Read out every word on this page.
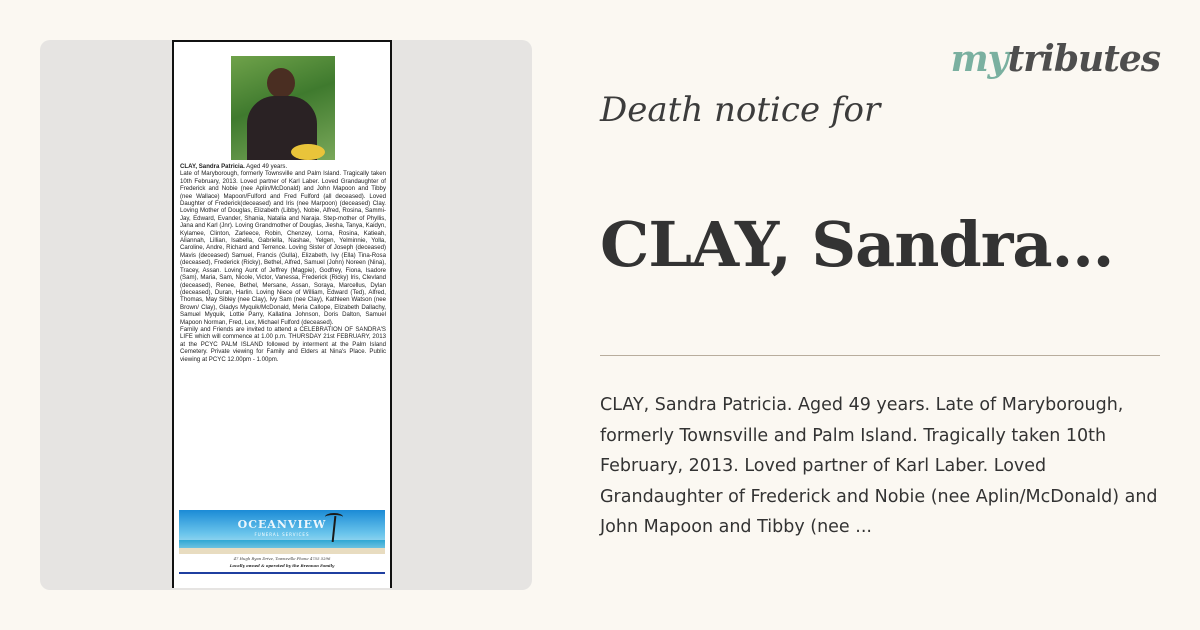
CLAY, Sandra Patricia. Aged 49 years.
Late of Maryborough, formerly Townsville and Palm Island. Tragically taken 10th February, 2013. Loved partner of Karl Laber. Loved Grandaughter of Frederick and Nobie (nee Aplin/McDonald) and John Mapoon and Tibby (nee Wallace) Mapoon/Fulford and Fred Fulford (all deceased). Loved Daughter of Frederick(deceased) and Iris (nee Marpoon) (deceased) Clay. Loving Mother of Douglas, Elizabeth (Libby), Nobie, Alfred, Rosina, Sammi- Jay, Edward, Evander, Shania, Natalia and Naraja. Step-mother of Phyllis, Jana and Karl (Jnr). Loving Grandmother of Douglas, Jiesha, Tanya, Kaidyn, Kylamee, Clinton, Zarleece, Robin, Chenzey, Lorna, Rosina, Katieah, Aliannah, Lillian, Isabella, Gabriella, Nashae, Yelgen, Yelminnie, Yolla, Caroline, Andre, Richard and Terrence. Loving Sister of Joseph (deceased) Mavis (deceased) Samuel, Francis (Gulla), Elizabeth, Ivy (Ella) Tina-Rosa (deceased), Frederick (Ricky), Bethel, Alfred, Samuel (John) Noreen (Nina), Tracey, Assan. Loving Aunt of Jeffrey (Magpie), Godfrey, Fiona, Isadore (Sam), Maria, Sam, Nicole, Victor, Vanessa, Frederick (Ricky) Iris, Clevland (deceased), Renee, Bethel, Mersane, Assan, Soraya, Marcellus, Dylan (deceased), Duran, Harlin. Loving Niece of William, Edward (Ted), Alfred, Thomas, May Sibley (nee Clay), Ivy Sam (nee Clay), Kathleen Watson (nee Brown/ Clay), Gladys Myquik/McDonald, Meria Callope, Elizabeth Dallachy, Samuel Myquik, Lottie Parry, Kallatina Johnson, Doris Dalton, Samuel Mapoon Norman, Fred, Lex, Michael Fulford (deceased).
Family and Friends are invited to attend a CELEBRATION OF SANDRA'S LIFE which will commence at 1.00 p.m. THURSDAY 21st FEBRUARY, 2013 at the PCYC PALM ISLAND followed by interment at the Palm Island Cemetery. Private viewing for Family and Elders at Nina's Place. Public viewing at PCYC 12.00pm - 1.00pm.

OCEANVIEW
FUNERAL SERVICES
47 Hugh Ryan Drive, Townsville Phone 4755 5296
Locally owned & operated by the Brennan Family
mytributes
Death notice for
CLAY, Sandra...

CLAY, Sandra Patricia. Aged 49 years. Late of Maryborough, formerly Townsville and Palm Island. Tragically taken 10th February, 2013. Loved partner of Karl Laber. Loved Grandaughter of Frederick and Nobie (nee Aplin/McDonald) and John Mapoon and Tibby (nee ...
